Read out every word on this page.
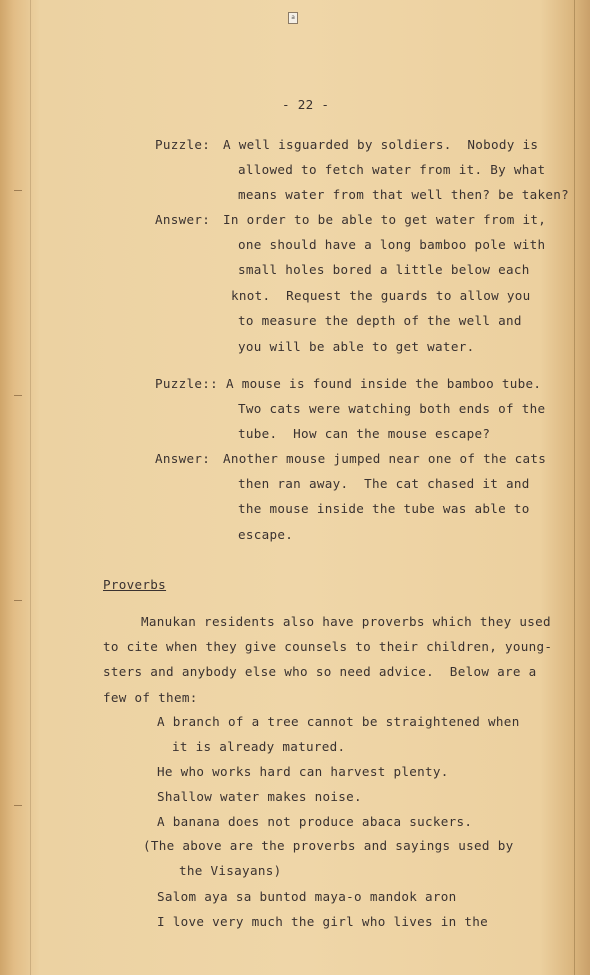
a
- 22 -
Puzzle: A well isguarded by soldiers.  Nobody is
allowed to fetch water from it. By what
means water from that well then? be taken?
Answer: In order to be able to get water from it,
one should have a long bamboo pole with
small holes bored a little below each
knot.  Request the guards to allow you
to measure the depth of the well and
you will be able to get water.
Puzzle:: A mouse is found inside the bamboo tube.
Two cats were watching both ends of the
tube.  How can the mouse escape?
Answer: Another mouse jumped near one of the cats
then ran away.  The cat chased it and
the mouse inside the tube was able to
escape.
Proverbs
Manukan residents also have proverbs which they used
to cite when they give counsels to their children, young-
sters and anybody else who so need advice.  Below are a
few of them:
A branch of a tree cannot be straightened when
it is already matured.
He who works hard can harvest plenty.
Shallow water makes noise.
A banana does not produce abaca suckers.
(The above are the proverbs and sayings used by
the Visayans)
Salom aya sa buntod maya-o mandok aron
I love very much the girl who lives in the
